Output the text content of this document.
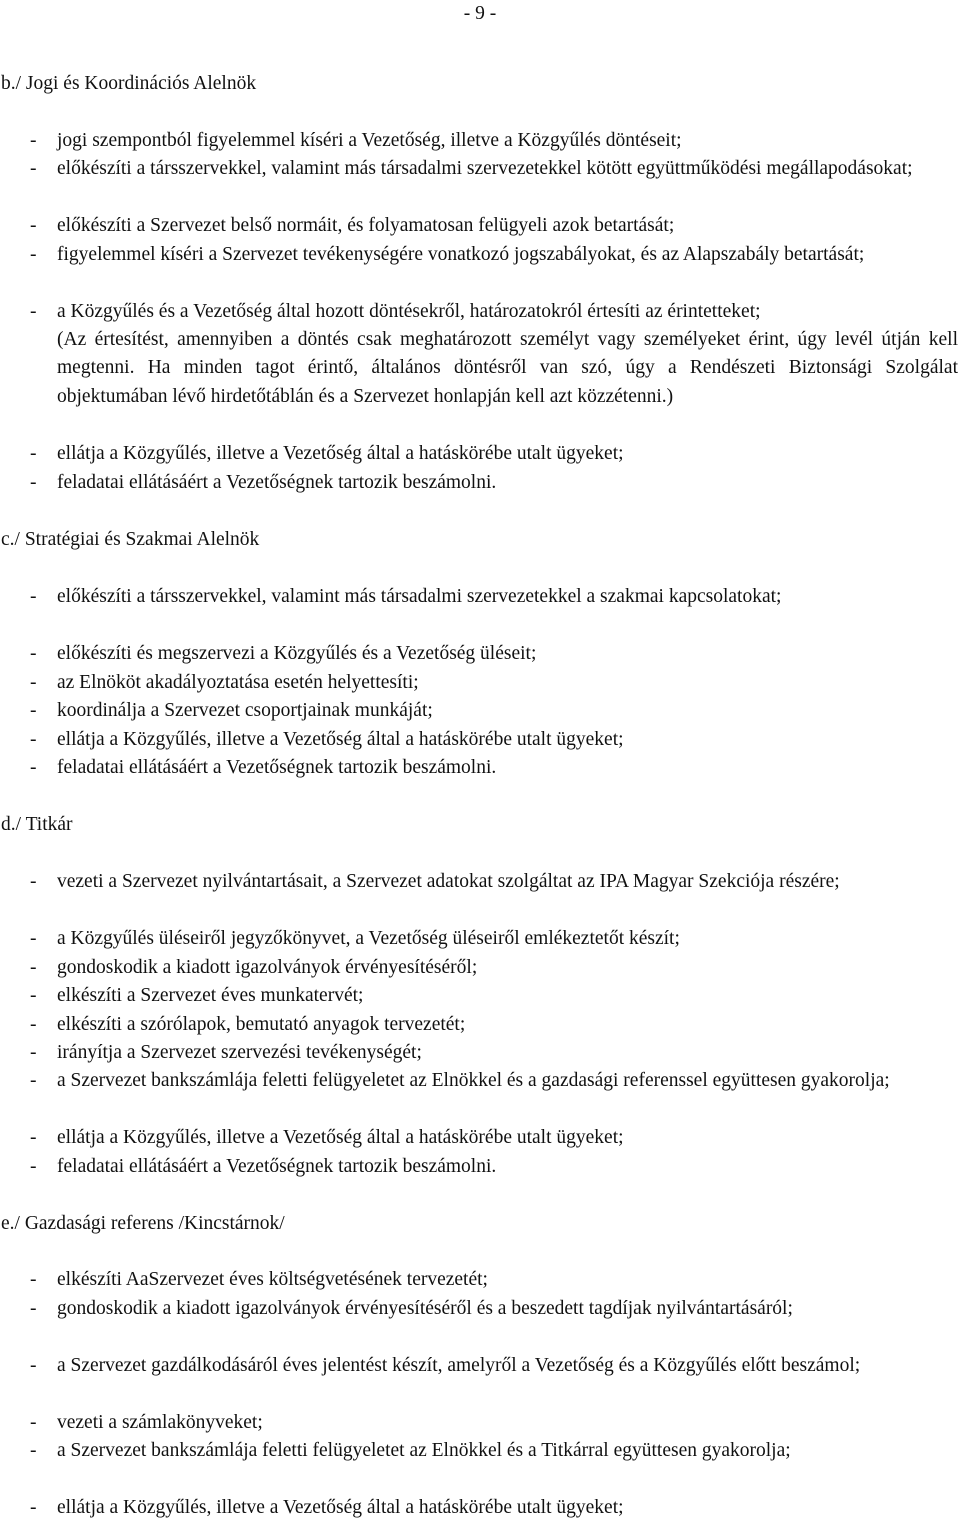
- 9 -
b./ Jogi és Koordinációs Alelnök
-	jogi szempontból figyelemmel kíséri a Vezetőség, illetve a Közgyűlés döntéseit;
-	előkészíti a társszervekkel, valamint más társadalmi szervezetekkel kötött együttműködési megállapodásokat;
-	előkészíti a Szervezet belső normáit, és folyamatosan felügyeli azok betartását;
-	figyelemmel kíséri a Szervezet tevékenységére vonatkozó jogszabályokat, és az Alapszabály betartását;
-	a Közgyűlés és a Vezetőség által hozott döntésekről, határozatokról értesíti az érintetteket;
(Az értesítést, amennyiben a döntés csak meghatározott személyt vagy személyeket érint, úgy levél útján kell megtenni. Ha minden tagot érintő, általános döntésről van szó, úgy a Rendészeti Biztonsági Szolgálat objektumában lévő hirdetőtáblán és a Szervezet honlapján kell azt közzétenni.)
-	ellátja a Közgyűlés, illetve a Vezetőség által a hatáskörébe utalt ügyeket;
-	feladatai ellátásáért a Vezetőségnek tartozik beszámolni.
c./ Stratégiai és Szakmai Alelnök
-	előkészíti a társszervekkel, valamint más társadalmi szervezetekkel a szakmai kapcsolatokat;
-	előkészíti és megszervezi a Közgyűlés és a Vezetőség üléseit;
-	az Elnököt akadályoztatása esetén helyettesíti;
-	koordinálja a Szervezet csoportjainak munkáját;
-	ellátja a Közgyűlés, illetve a Vezetőség által a hatáskörébe utalt ügyeket;
-	feladatai ellátásáért a Vezetőségnek tartozik beszámolni.
d./ Titkár
-	vezeti a Szervezet nyilvántartásait, a Szervezet adatokat szolgáltat az IPA Magyar Szekciója részére;
-	a Közgyűlés üléseiről jegyzőkönyvet, a Vezetőség üléseiről emlékeztetőt készít;
-	gondoskodik a kiadott igazolványok érvényesítéséről;
-	elkészíti a Szervezet éves munkatervét;
-	elkészíti a szórólapok, bemutató anyagok tervezetét;
-	irányítja a Szervezet szervezési tevékenységét;
-	a Szervezet bankszámlája feletti felügyeletet az Elnökkel és a gazdasági referenssel együttesen gyakorolja;
-	ellátja a Közgyűlés, illetve a Vezetőség által a hatáskörébe utalt ügyeket;
-	feladatai ellátásáért a Vezetőségnek tartozik beszámolni.
e./ Gazdasági referens /Kincstárnok/
-	elkészíti AaSzervezet éves költségvetésének tervezetét;
-	gondoskodik a kiadott igazolványok érvényesítéséről és a beszedett tagdíjak nyilvántartásáról;
-	a Szervezet gazdálkodásáról éves jelentést készít, amelyről a Vezetőség és a Közgyűlés előtt beszámol;
-	vezeti a számlakönyveket;
-	a Szervezet bankszámlája feletti felügyeletet az Elnökkel és a Titkárral együttesen gyakorolja;
-	ellátja a Közgyűlés, illetve a Vezetőség által a hatáskörébe utalt ügyeket;
